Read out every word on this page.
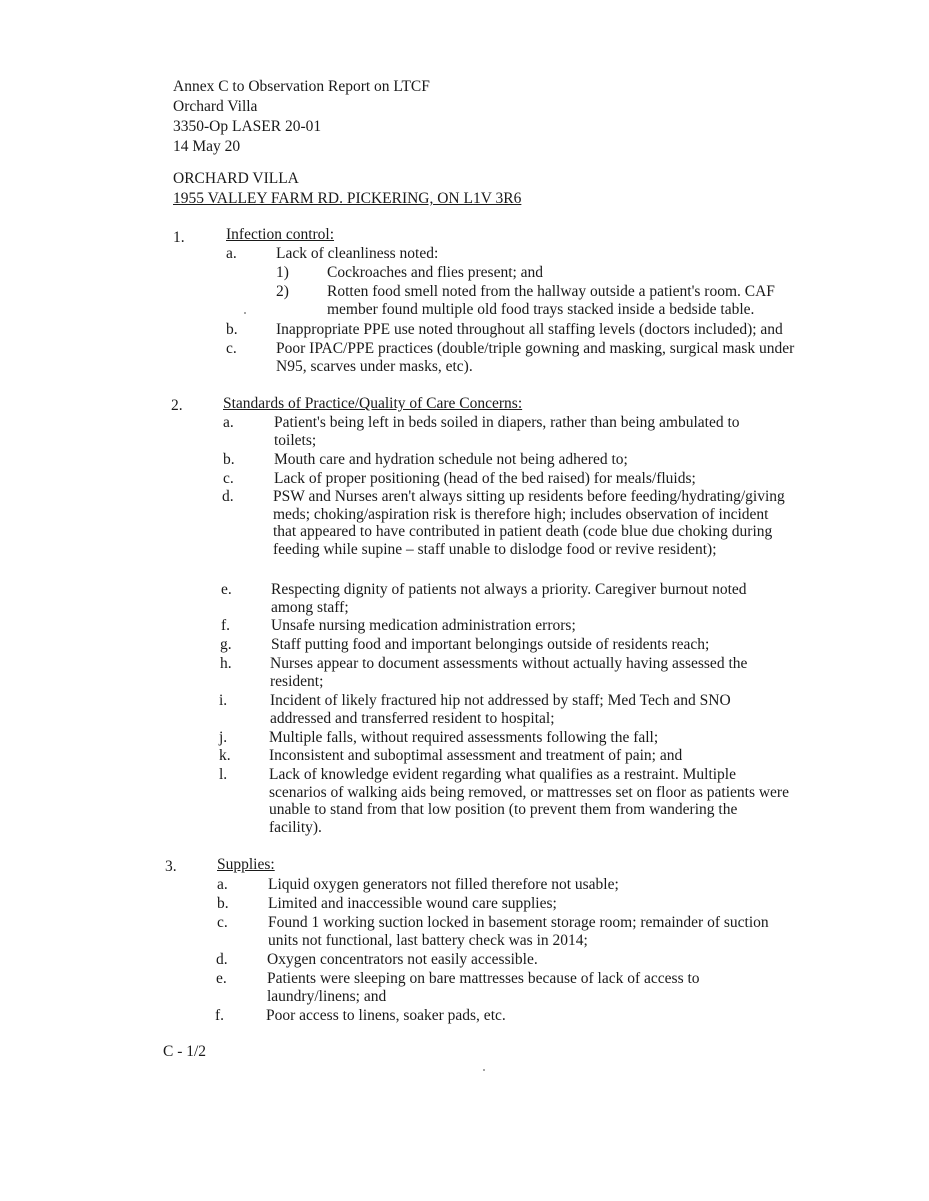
Annex C to Observation Report on LTCF
Orchard Villa
3350-Op LASER 20-01
14 May 20
ORCHARD VILLA
1955 VALLEY FARM RD. PICKERING, ON L1V 3R6
1.	Infection control:
a.	Lack of cleanliness noted:
1) Cockroaches and flies present; and
2) Rotten food smell noted from the hallway outside a patient's room. CAF member found multiple old food trays stacked inside a bedside table.
b. Inappropriate PPE use noted throughout all staffing levels (doctors included); and
c.	Poor IPAC/PPE practices (double/triple gowning and masking, surgical mask under N95, scarves under masks, etc).
2.	Standards of Practice/Quality of Care Concerns:
a.	Patient's being left in beds soiled in diapers, rather than being ambulated to toilets;
b.	Mouth care and hydration schedule not being adhered to;
c.	Lack of proper positioning (head of the bed raised) for meals/fluids;
d.	PSW and Nurses aren't always sitting up residents before feeding/hydrating/giving meds; choking/aspiration risk is therefore high; includes observation of incident that appeared to have contributed in patient death (code blue due choking during feeding while supine – staff unable to dislodge food or revive resident);
e.	Respecting dignity of patients not always a priority. Caregiver burnout noted among staff;
f.	Unsafe nursing medication administration errors;
g.	Staff putting food and important belongings outside of residents reach;
h. Nurses appear to document assessments without actually having assessed the resident;
i.	Incident of likely fractured hip not addressed by staff; Med Tech and SNO addressed and transferred resident to hospital;
j.	Multiple falls, without required assessments following the fall;
k. Inconsistent and suboptimal assessment and treatment of pain; and
l.	Lack of knowledge evident regarding what qualifies as a restraint. Multiple scenarios of walking aids being removed, or mattresses set on floor as patients were unable to stand from that low position (to prevent them from wandering the facility).
3.	Supplies:
a.	Liquid oxygen generators not filled therefore not usable;
b.	Limited and inaccessible wound care supplies;
c.	Found 1 working suction locked in basement storage room; remainder of suction units not functional, last battery check was in 2014;
d.	Oxygen concentrators not easily accessible.
e.	Patients were sleeping on bare mattresses because of lack of access to laundry/linens; and
f.	Poor access to linens, soaker pads, etc.
C - 1/2
